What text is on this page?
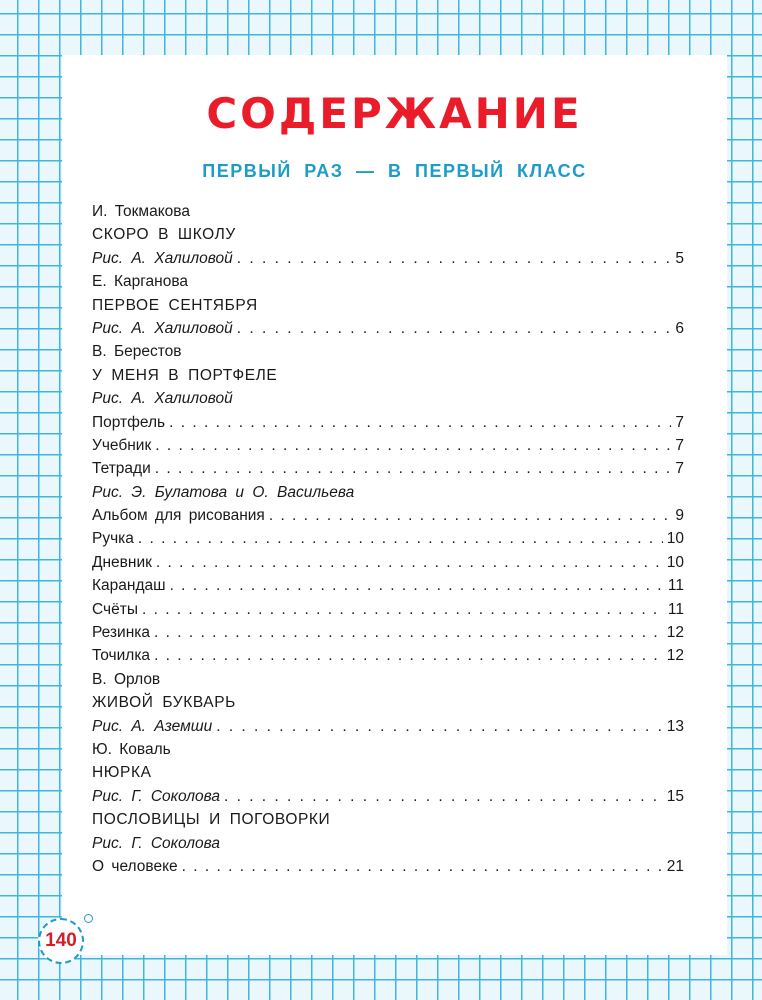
СОДЕРЖАНИЕ
ПЕРВЫЙ РАЗ — В ПЕРВЫЙ КЛАСС
И. Токмакова
СКОРО В ШКОЛУ
Рис. А. Халиловой . . .	5
Е. Карганова
ПЕРВОЕ СЕНТЯБРЯ
Рис. А. Халиловой . . .	6
В. Берестов
У МЕНЯ В ПОРТФЕЛЕ
Рис. А. Халиловой
Портфель . . .	7
Учебник . . .	7
Тетради . . .	7
Рис. Э. Булатова и О. Васильева
Альбом для рисования . . .	9
Ручка . . .	10
Дневник . . .	10
Карандаш . . .	11
Счёты . . .	11
Резинка . . .	12
Точилка . . .	12
В. Орлов
ЖИВОЙ БУКВАРЬ
Рис. А. Аземши . . .	13
Ю. Коваль
НЮРКА
Рис. Г. Соколова . . .	15
ПОСЛОВИЦЫ И ПОГОВОРКИ
Рис. Г. Соколова
О человеке . . .	21
140
